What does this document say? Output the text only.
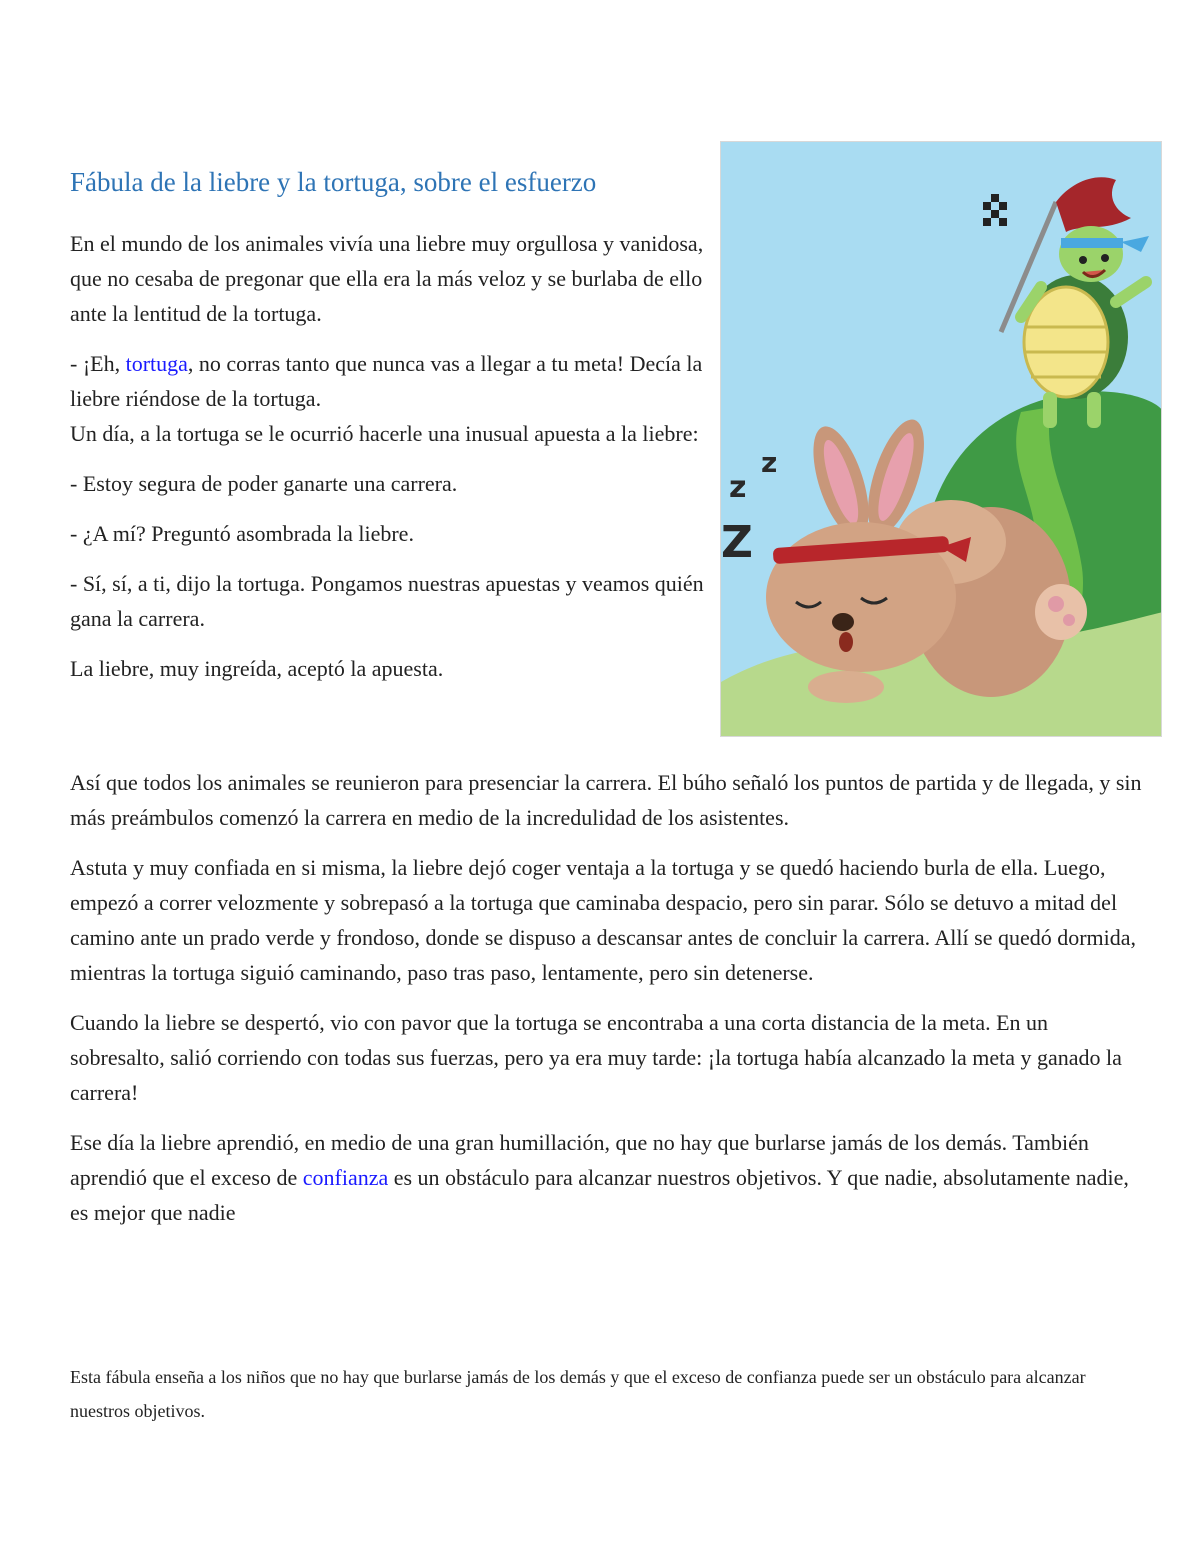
Fábula de la liebre y la tortuga, sobre el esfuerzo

En el mundo de los animales vivía una liebre muy orgullosa y vanidosa, que no cesaba de pregonar que ella era la más veloz y se burlaba de ello ante la lentitud de la tortuga.

- ¡Eh, tortuga, no corras tanto que nunca vas a llegar a tu meta! Decía la liebre riéndose de la tortuga.

Un día, a la tortuga se le ocurrió hacerle una inusual apuesta a la liebre:

- Estoy segura de poder ganarte una carrera.

- ¿A mí? Preguntó asombrada la liebre.

- Sí, sí, a ti, dijo la tortuga. Pongamos nuestras apuestas y veamos quién gana la carrera.

La liebre, muy ingreída, aceptó la apuesta.

z
z
Z

Así que todos los animales se reunieron para presenciar la carrera. El búho señaló los puntos de partida y de llegada, y sin más preámbulos comenzó la carrera en medio de la incredulidad de los asistentes.

Astuta y muy confiada en si misma, la liebre dejó coger ventaja a la tortuga y se quedó haciendo burla de ella. Luego, empezó a correr velozmente y sobrepasó a la tortuga que caminaba despacio, pero sin parar. Sólo se detuvo a mitad del camino ante un prado verde y frondoso, donde se dispuso a descansar antes de concluir la carrera. Allí se quedó dormida, mientras la tortuga siguió caminando, paso tras paso, lentamente, pero sin detenerse.

Cuando la liebre se despertó, vio con pavor que la tortuga se encontraba a una corta distancia de la meta. En un sobresalto, salió corriendo con todas sus fuerzas, pero ya era muy tarde: ¡la tortuga había alcanzado la meta y ganado la carrera!

Ese día la liebre aprendió, en medio de una gran humillación, que no hay que burlarse jamás de los demás. También aprendió que el exceso de confianza es un obstáculo para alcanzar nuestros objetivos. Y que nadie, absolutamente nadie, es mejor que nadie

Esta fábula enseña a los niños que no hay que burlarse jamás de los demás y que el exceso de confianza puede ser un obstáculo para alcanzar nuestros objetivos.
